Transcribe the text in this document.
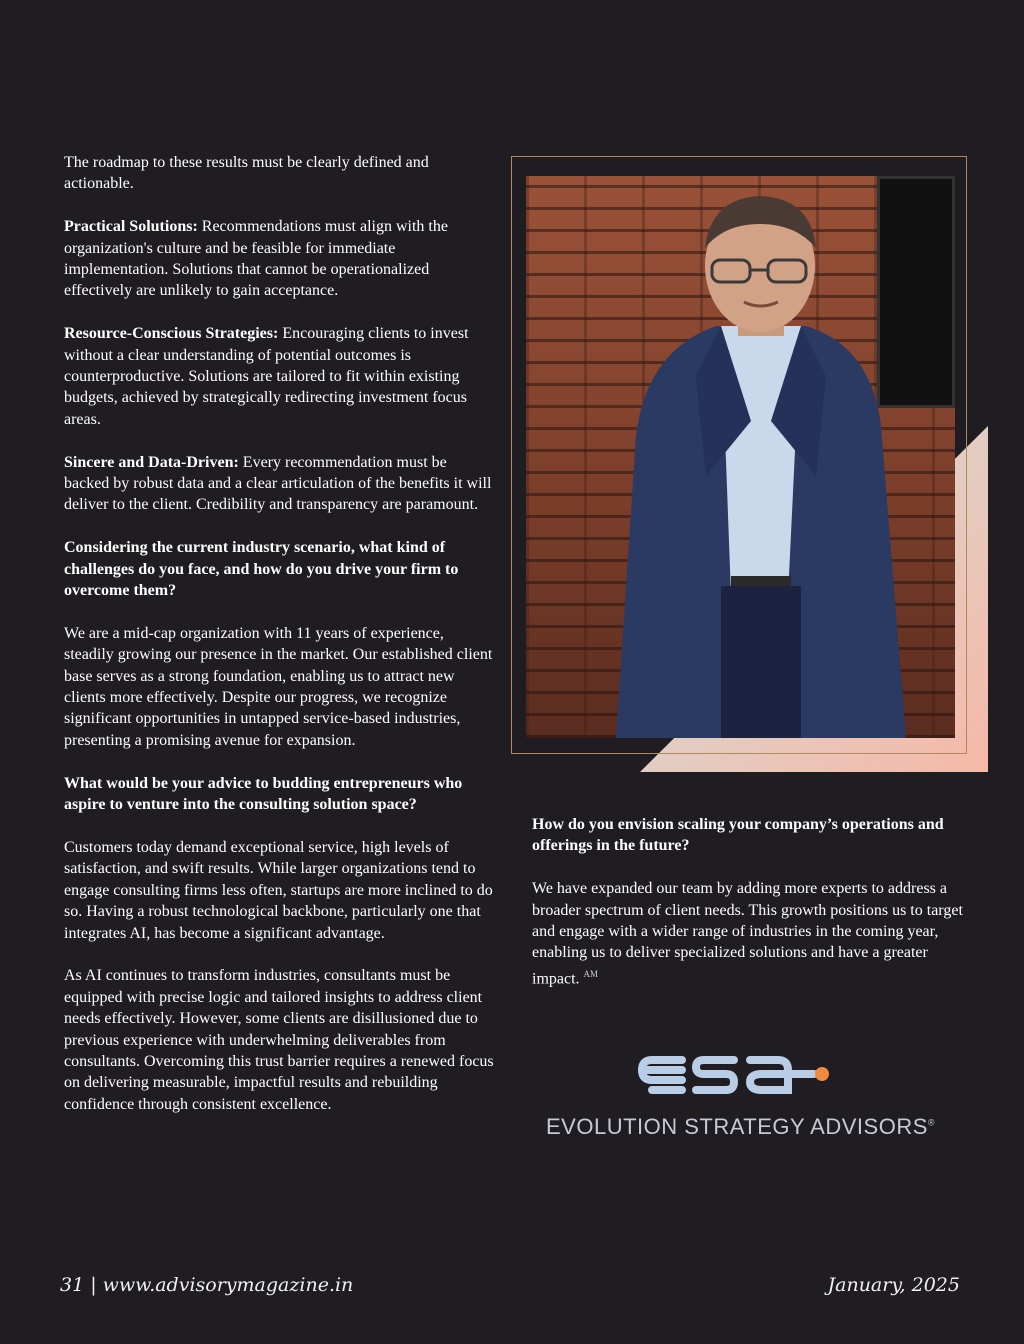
The roadmap to these results must be clearly defined and actionable.

Practical Solutions: Recommendations must align with the organization's culture and be feasible for immediate implementation. Solutions that cannot be operationalized effectively are unlikely to gain acceptance.

Resource-Conscious Strategies: Encouraging clients to invest without a clear understanding of potential outcomes is counterproductive. Solutions are tailored to fit within existing budgets, achieved by strategically redirecting investment focus areas.

Sincere and Data-Driven: Every recommendation must be backed by robust data and a clear articulation of the benefits it will deliver to the client. Credibility and transparency are paramount.

Considering the current industry scenario, what kind of challenges do you face, and how do you drive your firm to overcome them?

We are a mid-cap organization with 11 years of experience, steadily growing our presence in the market. Our established client base serves as a strong foundation, enabling us to attract new clients more effectively. Despite our progress, we recognize significant opportunities in untapped service-based industries, presenting a promising avenue for expansion.

What would be your advice to budding entrepreneurs who aspire to venture into the consulting solution space?

Customers today demand exceptional service, high levels of satisfaction, and swift results. While larger organizations tend to engage consulting firms less often, startups are more inclined to do so. Having a robust technological backbone, particularly one that integrates AI, has become a significant advantage.

As AI continues to transform industries, consultants must be equipped with precise logic and tailored insights to address client needs effectively. However, some clients are disillusioned due to previous experience with underwhelming deliverables from consultants. Overcoming this trust barrier requires a renewed focus on delivering measurable, impactful results and rebuilding confidence through consistent excellence.

How do you envision scaling your company’s operations and offerings in the future?

We have expanded our team by adding more experts to address a broader spectrum of client needs. This growth positions us to target and engage with a wider range of industries in the coming year, enabling us to deliver specialized solutions and have a greater impact. $^{AM}$

EVOLUTION STRATEGY ADVISORS®
31 | www.advisorymagazine.in	January, 2025
